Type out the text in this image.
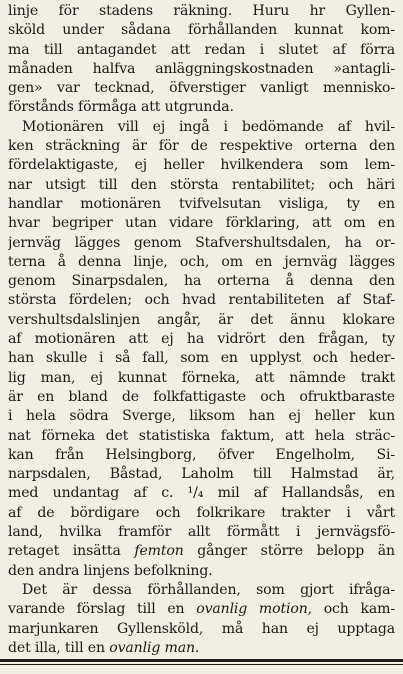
linje för stadens räkning. Huru hr Gyllen-
sköld under sådana förhållanden kunnat kom-
ma till antagandet att redan i slutet af förra
månaden halfva anläggningskostnaden »antagli-
gen» var tecknad, öfverstiger vanligt mennisko-
förstånds förmåga att utgrunda.
Motionären vill ej ingå i bedömande af hvil-
ken sträckning är för de respektive orterna den
fördelaktigaste, ej heller hvilkendera som lem-
nar utsigt till den största rentabilitet; och häri
handlar motionären tvifvelsutan visliga, ty en
hvar begriper utan vidare förklaring, att om en
jernväg lägges genom Stafvershultsdalen, ha or-
terna å denna linje, och, om en jernväg lägges
genom Sinarpsdalen, ha orterna å denna den
största fördelen; och hvad rentabiliteten af Staf-
vershultsdalslinjen angår, är det ännu klokare
af motionären att ej ha vidrört den frågan, ty
han skulle i så fall, som en upplyst och heder-
lig man, ej kunnat förneka, att nämnde trakt
är en bland de folkfattigaste och ofruktbaraste
i hela södra Sverge, liksom han ej heller kun
nat förneka det statistiska faktum, att hela sträc-
kan från Helsingborg, öfver Engelholm, Si-
narpsdalen, Båstad, Laholm till Halmstad är,
med undantag af c. ¹/₄ mil af Hallandsås, en
af de bördigare och folkrikare trakter i vårt
land, hvilka framför allt förmått i jernvägsfö-
retaget insätta femton gånger större belopp än
den andra linjens befolkning.
Det är dessa förhållanden, som gjort ifråga-
varande förslag till en ovanlig motion, och kam-
marjunkaren Gyllensköld, må han ej upptaga
det illa, till en ovanlig man.
